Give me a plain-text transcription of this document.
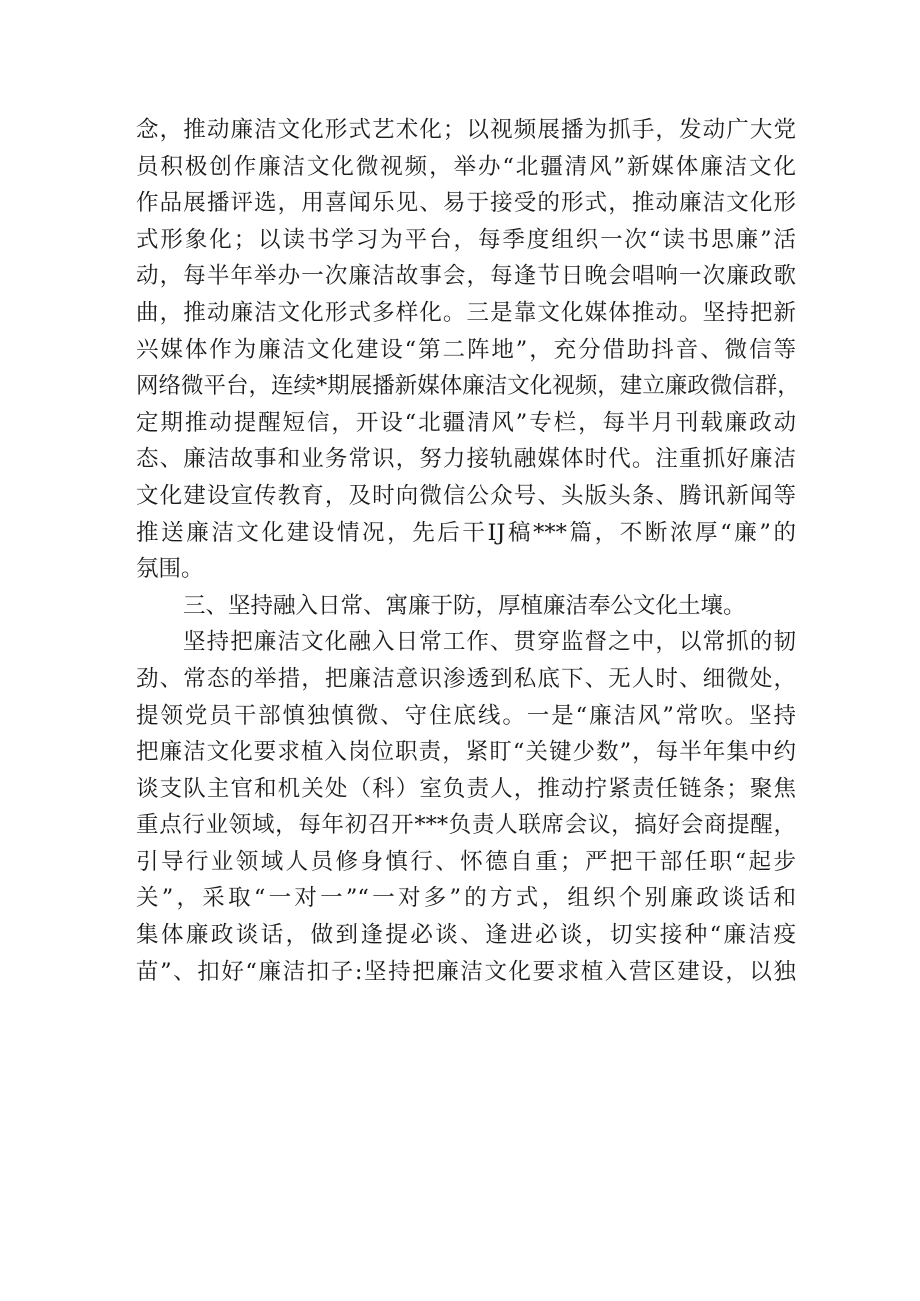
念，推动廉洁文化形式艺术化；以视频展播为抓手，发动广大党
员积极创作廉洁文化微视频，举办“北疆清风”新媒体廉洁文化
作品展播评选，用喜闻乐见、易于接受的形式，推动廉洁文化形
式形象化；以读书学习为平台，每季度组织一次“读书思廉”活
动，每半年举办一次廉洁故事会，每逢节日晚会唱响一次廉政歌
曲，推动廉洁文化形式多样化。三是靠文化媒体推动。坚持把新
兴媒体作为廉洁文化建设“第二阵地”，充分借助抖音、微信等
网络微平台，连续*期展播新媒体廉洁文化视频，建立廉政微信群，
定期推动提醒短信，开设“北疆清风”专栏，每半月刊载廉政动
态、廉洁故事和业务常识，努力接轨融媒体时代。注重抓好廉洁
文化建设宣传教育，及时向微信公众号、头版头条、腾讯新闻等
推送廉洁文化建设情况，先后干IJ稿***篇，不断浓厚“廉”的
氛围。
三、坚持融入日常、寓廉于防，厚植廉洁奉公文化土壤。
坚持把廉洁文化融入日常工作、贯穿监督之中，以常抓的韧
劲、常态的举措，把廉洁意识渗透到私底下、无人时、细微处，
提领党员干部慎独慎微、守住底线。一是“廉洁风”常吹。坚持
把廉洁文化要求植入岗位职责，紧盯“关键少数”，每半年集中约
谈支队主官和机关处（科）室负责人，推动拧紧责任链条；聚焦
重点行业领域，每年初召开***负责人联席会议，搞好会商提醒，
引导行业领域人员修身慎行、怀德自重；严把干部任职“起步
关”，采取“一对一”“一对多”的方式，组织个别廉政谈话和
集体廉政谈话，做到逢提必谈、逢进必谈，切实接种“廉洁疫
苗”、扣好“廉洁扣子:坚持把廉洁文化要求植入营区建设，以独
